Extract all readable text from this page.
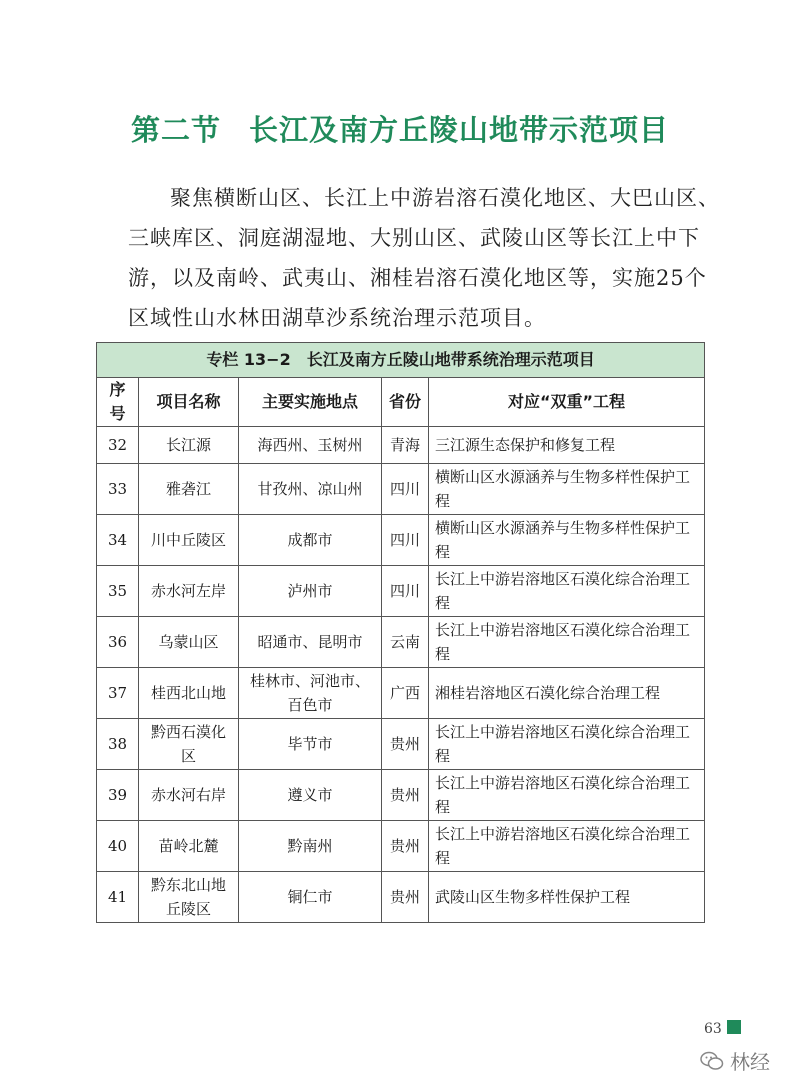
第二节 长江及南方丘陵山地带示范项目

聚焦横断山区、长江上中游岩溶石漠化地区、大巴山区、三峡库区、洞庭湖湿地、大别山区、武陵山区等长江上中下游，以及南岭、武夷山、湘桂岩溶石漠化地区等，实施25个区域性山水林田湖草沙系统治理示范项目。

专栏 13−2　长江及南方丘陵山地带系统治理示范项目				
序号	项目名称	主要实施地点	省份	对应“双重”工程
32	长江源	海西州、玉树州	青海	三江源生态保护和修复工程
33	雅砻江	甘孜州、凉山州	四川	横断山区水源涵养与生物多样性保护工程
34	川中丘陵区	成都市	四川	横断山区水源涵养与生物多样性保护工程
35	赤水河左岸	泸州市	四川	长江上中游岩溶地区石漠化综合治理工程
36	乌蒙山区	昭通市、昆明市	云南	长江上中游岩溶地区石漠化综合治理工程
37	桂西北山地	桂林市、河池市、百色市	广西	湘桂岩溶地区石漠化综合治理工程
38	黔西石漠化区	毕节市	贵州	长江上中游岩溶地区石漠化综合治理工程
39	赤水河右岸	遵义市	贵州	长江上中游岩溶地区石漠化综合治理工程
40	苗岭北麓	黔南州	贵州	长江上中游岩溶地区石漠化综合治理工程
41	黔东北山地丘陵区	铜仁市	贵州	武陵山区生物多样性保护工程
63
林经
